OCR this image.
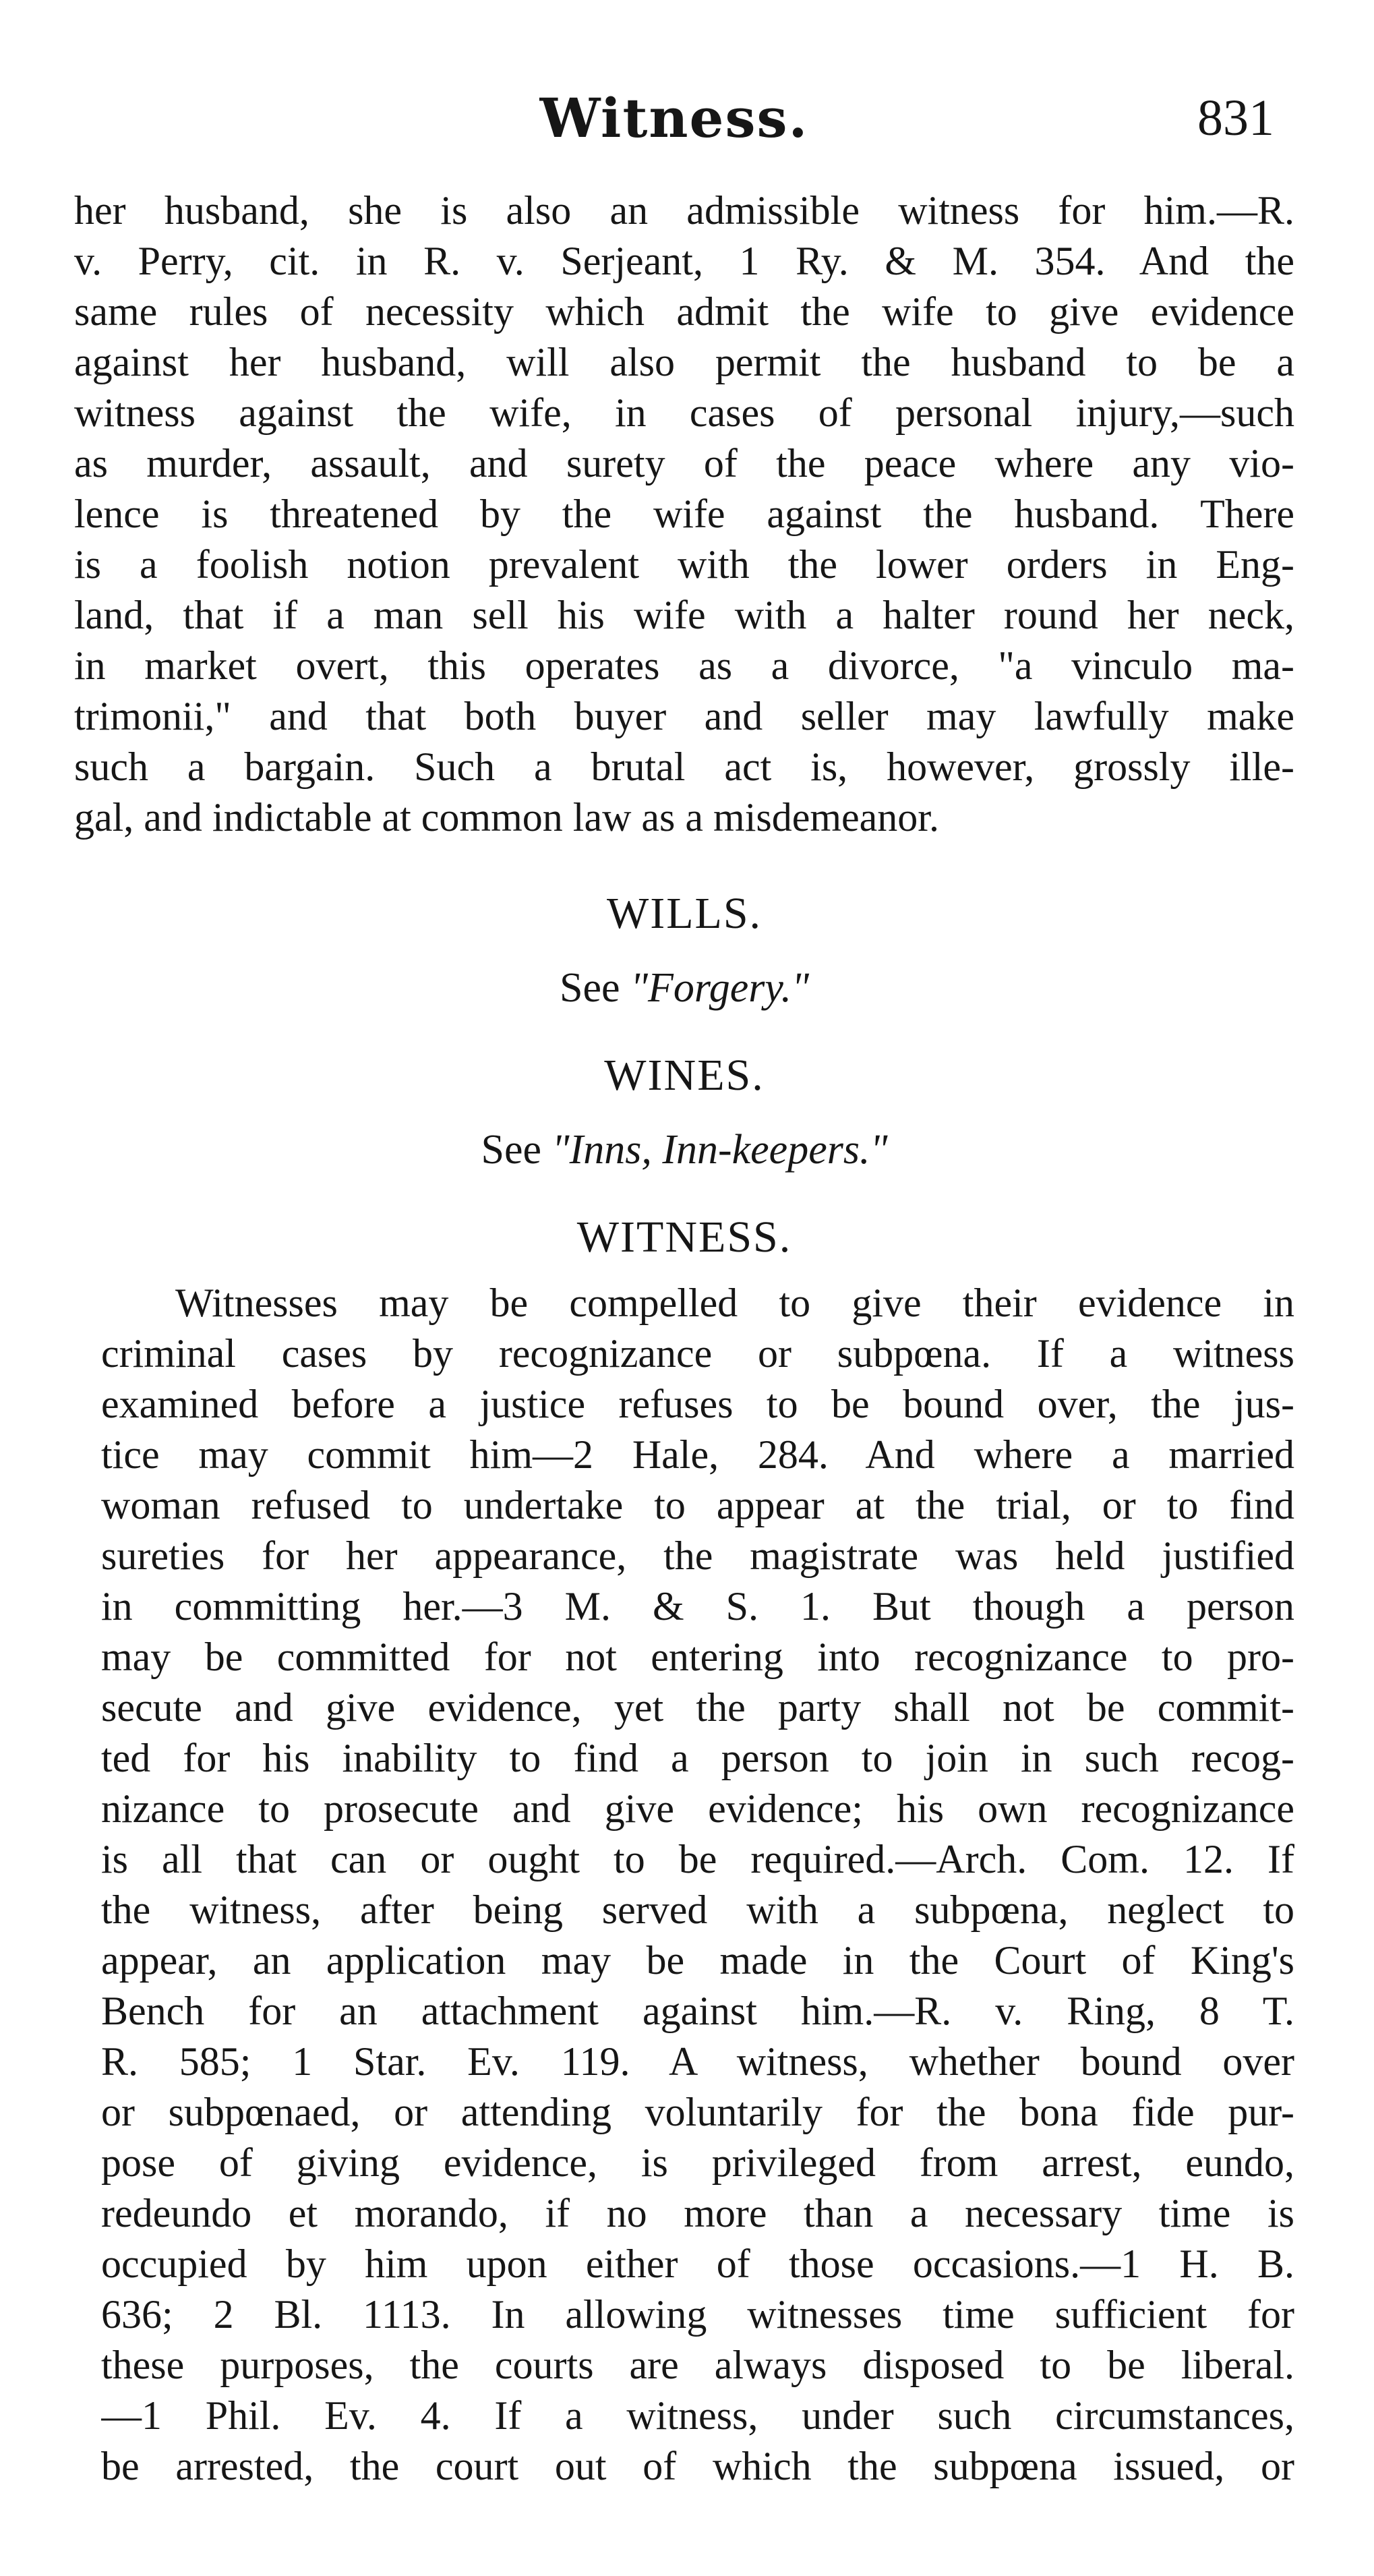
Witness.	831
her husband, she is also an admissible witness for him.—R.
v. Perry, cit. in R. v. Serjeant, 1 Ry. & M. 354. And the
same rules of necessity which admit the wife to give evidence
against her husband, will also permit the husband to be a
witness against the wife, in cases of personal injury,—such
as murder, assault, and surety of the peace where any vio-
lence is threatened by the wife against the husband. There
is a foolish notion prevalent with the lower orders in Eng-
land, that if a man sell his wife with a halter round her neck,
in market overt, this operates as a divorce, "a vinculo ma-
trimonii," and that both buyer and seller may lawfully make
such a bargain. Such a brutal act is, however, grossly ille-
gal, and indictable at common law as a misdemeanor.
WILLS.
See "Forgery."
WINES.
See "Inns, Inn-keepers."
WITNESS.
Witnesses may be compelled to give their evidence in
criminal cases by recognizance or subpœna. If a witness
examined before a justice refuses to be bound over, the jus-
tice may commit him—2 Hale, 284. And where a married
woman refused to undertake to appear at the trial, or to find
sureties for her appearance, the magistrate was held justified
in committing her.—3 M. & S. 1. But though a person
may be committed for not entering into recognizance to pro-
secute and give evidence, yet the party shall not be commit-
ted for his inability to find a person to join in such recog-
nizance to prosecute and give evidence; his own recognizance
is all that can or ought to be required.—Arch. Com. 12. If
the witness, after being served with a subpœna, neglect to
appear, an application may be made in the Court of King's
Bench for an attachment against him.—R. v. Ring, 8 T.
R. 585; 1 Star. Ev. 119. A witness, whether bound over
or subpœnaed, or attending voluntarily for the bona fide pur-
pose of giving evidence, is privileged from arrest, eundo,
redeundo et morando, if no more than a necessary time is
occupied by him upon either of those occasions.—1 H. B.
636; 2 Bl. 1113. In allowing witnesses time sufficient for
these purposes, the courts are always disposed to be liberal.
—1 Phil. Ev. 4. If a witness, under such circumstances,
be arrested, the court out of which the subpœna issued, or
